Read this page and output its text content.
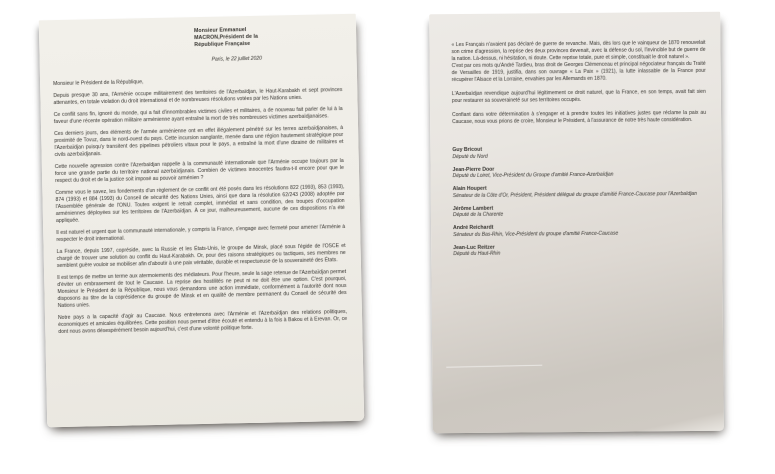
Monsieur Emmanuel
MACRON,Président de la
République Française
Paris, le 22 juillet 2020
Monsieur le Président de la République,

Depuis presque 30 ans, l'Arménie occupe militairement des territoires de l'Azerbaïdjan, le Haut-Karabakh et sept provinces attenantes, en totale violation du droit international et de nombreuses résolutions votées par les Nations unies.

Ce conflit sans fin, ignoré du monde, qui a fait d'innombrables victimes civiles et militaires, a de nouveau fait parler de lui à la faveur d'une récente opération militaire arménienne ayant entraîné la mort de très nombreuses victimes azerbaïdjanaises.

Ces derniers jours, des éléments de l'armée arménienne ont en effet illégalement pénétré sur les terres azerbaïdjanaises, à proximité de Tovuz, dans le nord-ouest du pays. Cette incursion sanglante, menée dans une région hautement stratégique pour l'Azerbaïdjan puisqu'y transitent des pipelines pétroliers vitaux pour le pays, a entraîné la mort d'une dizaine de militaires et civils azerbaïdjanais.

Cette nouvelle agression contre l'Azerbaïdjan rappelle à la communauté internationale que l'Arménie occupe toujours par la force une grande partie du territoire national azerbaïdjanais. Combien de victimes innocentes faudra-t-il encore pour que le respect du droit et de la justice soit imposé au pouvoir arménien ?

Comme vous le savez, les fondements d'un règlement de ce conflit ont été posés dans les résolutions 822 (1993), 853 (1993), 874 (1993) et 884 (1993) du Conseil de sécurité des Nations Unies, ainsi que dans la résolution 62/243 (2008) adoptée par l'Assemblée générale de l'ONU. Toutes exigent le retrait complet, immédiat et sans condition, des troupes d'occupation arméniennes déployées sur les territoires de l'Azerbaïdjan. À ce jour, malheureusement, aucune de ces dispositions n'a été appliquée.

Il est naturel et urgent que la communauté internationale, y compris la France, s'engage avec fermeté pour amener l'Arménie à respecter le droit international.

La France, depuis 1997, copréside, avec la Russie et les États-Unis, le groupe de Minsk, placé sous l'égide de l'OSCE et chargé de trouver une solution au conflit du Haut-Karabakh. Or, pour des raisons stratégiques ou tactiques, ses membres ne semblent guère vouloir se mobiliser afin d'aboutir à une paix véritable, durable et respectueuse de la souveraineté des États.

Il est temps de mettre un terme aux atermoiements des médiateurs. Pour l'heure, seule la sage retenue de l'Azerbaïdjan permet d'éviter un embrasement de tout le Caucase. La reprise des hostilités ne peut ni ne doit être une option. C'est pourquoi, Monsieur le Président de la République, nous vous demandons une action immédiate, conformément à l'autorité dont nous disposons au titre de la coprésidence du groupe de Minsk et en qualité de membre permanent du Conseil de sécurité des Nations unies.

Notre pays a la capacité d'agir au Caucase. Nous entretenons avec l'Arménie et l'Azerbaïdjan des relations politiques, économiques et amicales équilibrées. Cette position nous permet d'être écouté et entendu à la fois à Bakou et à Erevan. Or, ce dont nous avons désespérément besoin aujourd'hui, c'est d'une volonté politique forte.

« Les Français n'avaient pas déclaré de guerre de revanche. Mais, dès lors que le vainqueur de 1870 renouvelait son crime d'agression, la reprise des deux provinces devenait, avec la défense du sol, l'invincible but de guerre de la nation. Là-dessus, ni hésitation, ni doute. Cette reprise totale, pure et simple, constituait le droit naturel ».

C'est par ces mots qu'André Tardieu, bras droit de Georges Clémenceau et principal négociateur français du Traité de Versailles de 1919, justifia, dans son ouvrage « La Paix » (1921), la lutte inlassable de la France pour récupérer l'Alsace et la Lorraine, envahies par les Allemands en 1870.

L'Azerbaïdjan revendique aujourd'hui légitimement ce droit naturel, que la France, en son temps, avait fait sien pour restaurer sa souveraineté sur ses territoires occupés.

Confiant dans votre détermination à s'engager et à prendre toutes les initiatives justes que réclame la paix au Caucase, nous vous prions de croire, Monsieur le Président, à l'assurance de notre très haute considération.

Guy Bricout
Député du Nord
Jean-Pierre Door
Député du Loiret, Vice-Président du Groupe d'amitié France-Azerbaïdjan
Alain Houpert
Sénateur de la Côte d'Or, Président, Président délégué du groupe d'amitié France-Caucase pour l'Azerbaïdjan
Jérôme Lambert
Député de la Charente
André Reichardt
Sénateur du Bas-Rhin, Vice-Président du groupe d'amitié France-Caucase
Jean-Luc Reitzer
Député du Haut-Rhin
